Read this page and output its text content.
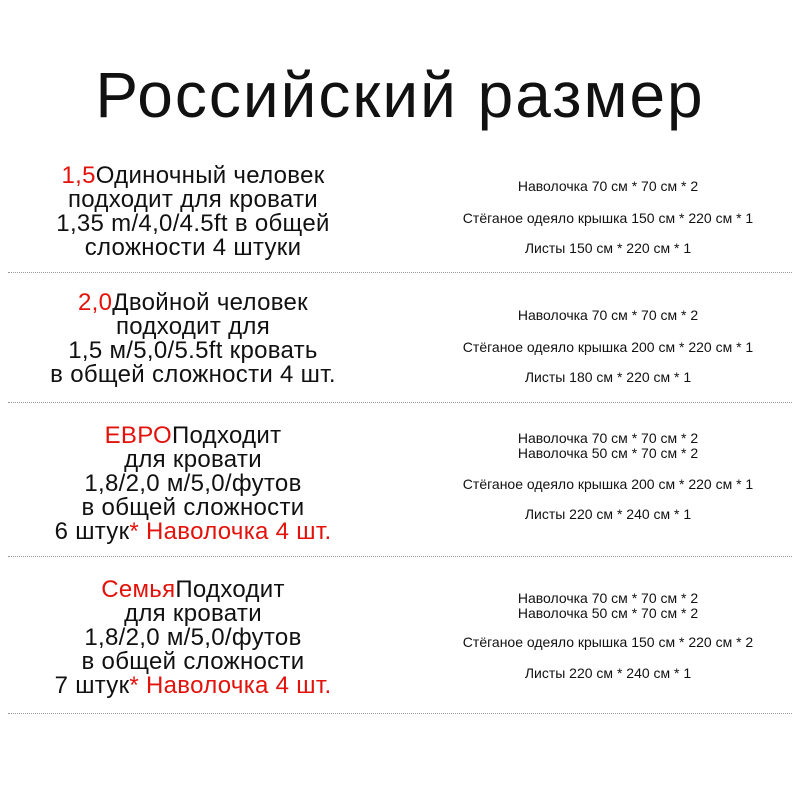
Российский размер
1,5Одиночный человек
подходит для кровати
1,35 m/4,0/4.5ft в общей
сложности 4 штуки
Наволочка 70 см * 70 см * 2
Стёганое одеяло крышка 150 см * 220 см * 1
Листы 150 см * 220 см * 1
2,0Двойной человек
подходит для
1,5 м/5,0/5.5ft кровать
в общей сложности 4 шт.
Наволочка 70 см * 70 см * 2
Стёганое одеяло крышка 200 см * 220 см * 1
Листы 180 см * 220 см * 1
ЕВРОПодходит
для кровати
1,8/2,0 м/5,0/футов
в общей сложности
6 штук* Наволочка 4 шт.
Наволочка 70 см * 70 см * 2
Наволочка 50 см * 70 см * 2
Стёганое одеяло крышка 200 см * 220 см * 1
Листы 220 см * 240 см * 1
СемьяПодходит
для кровати
1,8/2,0 м/5,0/футов
в общей сложности
7 штук* Наволочка 4 шт.
Наволочка 70 см * 70 см * 2
Наволочка 50 см * 70 см * 2
Стёганое одеяло крышка 150 см * 220 см * 2
Листы 220 см * 240 см * 1
